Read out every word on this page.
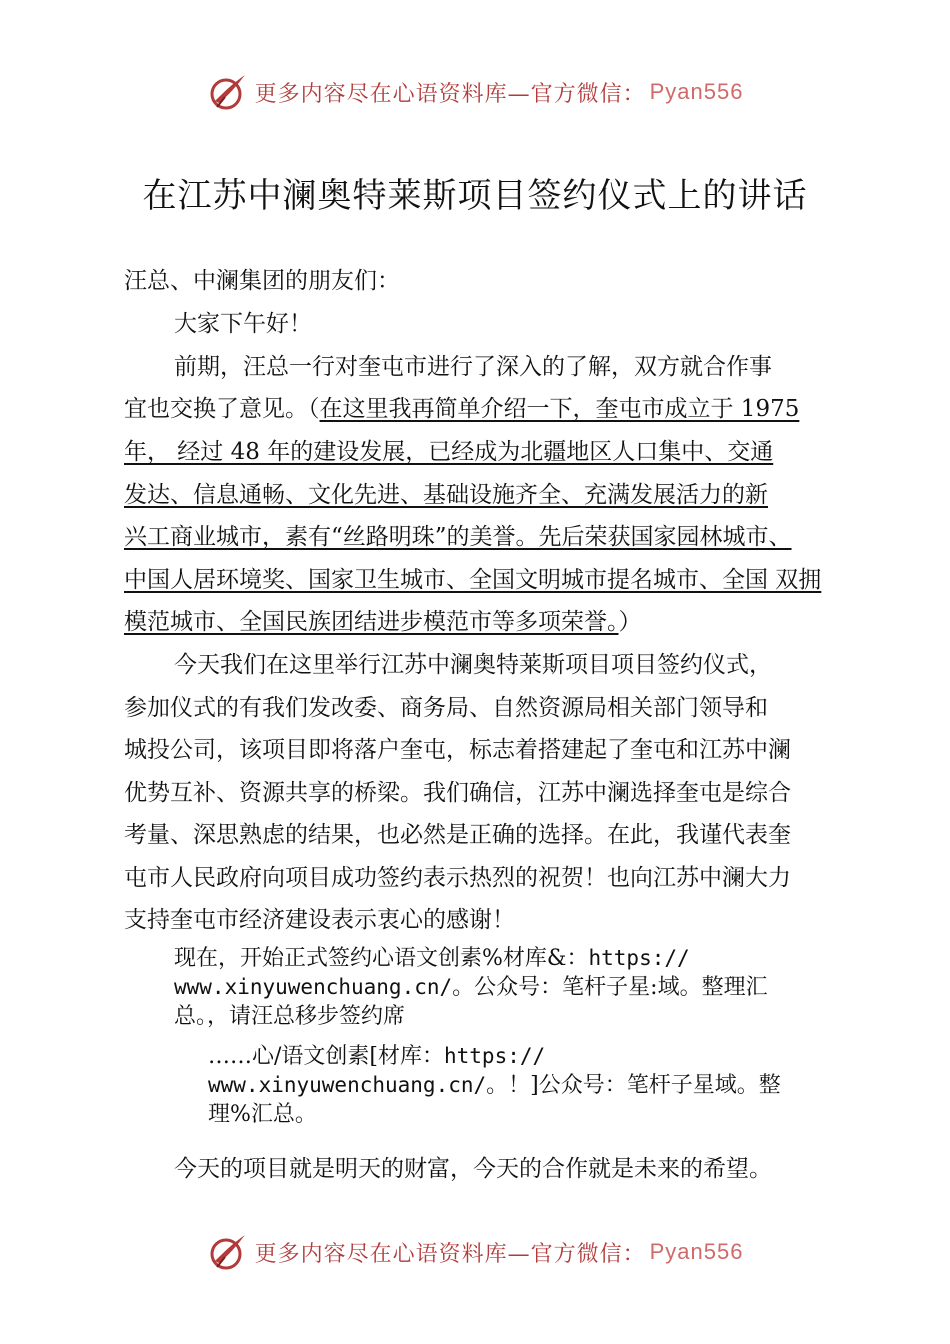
更多内容尽在心语资料库—官方微信： Pyan556
在江苏中澜奥特莱斯项目签约仪式上的讲话
汪总、中澜集团的朋友们：
大家下午好！
前期，汪总一行对奎屯市进行了深入的了解，双方就合作事
宜也交换了意见。（在这里我再简单介绍一下，奎屯市成立于 1975
年， 经过 48 年的建设发展，已经成为北疆地区人口集中、交通
发达、信息通畅、文化先进、基础设施齐全、充满发展活力的新
兴工商业城市，素有“丝路明珠”的美誉。先后荣获国家园林城市、
中国人居环境奖、国家卫生城市、全国文明城市提名城市、全国 双拥
模范城市、全国民族团结进步模范市等多项荣誉。）
今天我们在这里举行江苏中澜奥特莱斯项目项目签约仪式，
参加仪式的有我们发改委、商务局、自然资源局相关部门领导和
城投公司，该项目即将落户奎屯，标志着搭建起了奎屯和江苏中澜
优势互补、资源共享的桥梁。我们确信，江苏中澜选择奎屯是综合
考量、深思熟虑的结果，也必然是正确的选择。在此，我谨代表奎
屯市人民政府向项目成功签约表示热烈的祝贺！也向江苏中澜大力
支持奎屯市经济建设表示衷心的感谢！
现在，开始正式签约心语文创素%材库&：https://
www.xinyuwenchuang.cn/。公众号：笔杆子星:域。整理汇
总。，请汪总移步签约席
……心/语文创素[材库：https://
www.xinyuwenchuang.cn/。！]公众号：笔杆子星域。整
理%汇总。
今天的项目就是明天的财富，今天的合作就是未来的希望。
更多内容尽在心语资料库—官方微信： Pyan556
